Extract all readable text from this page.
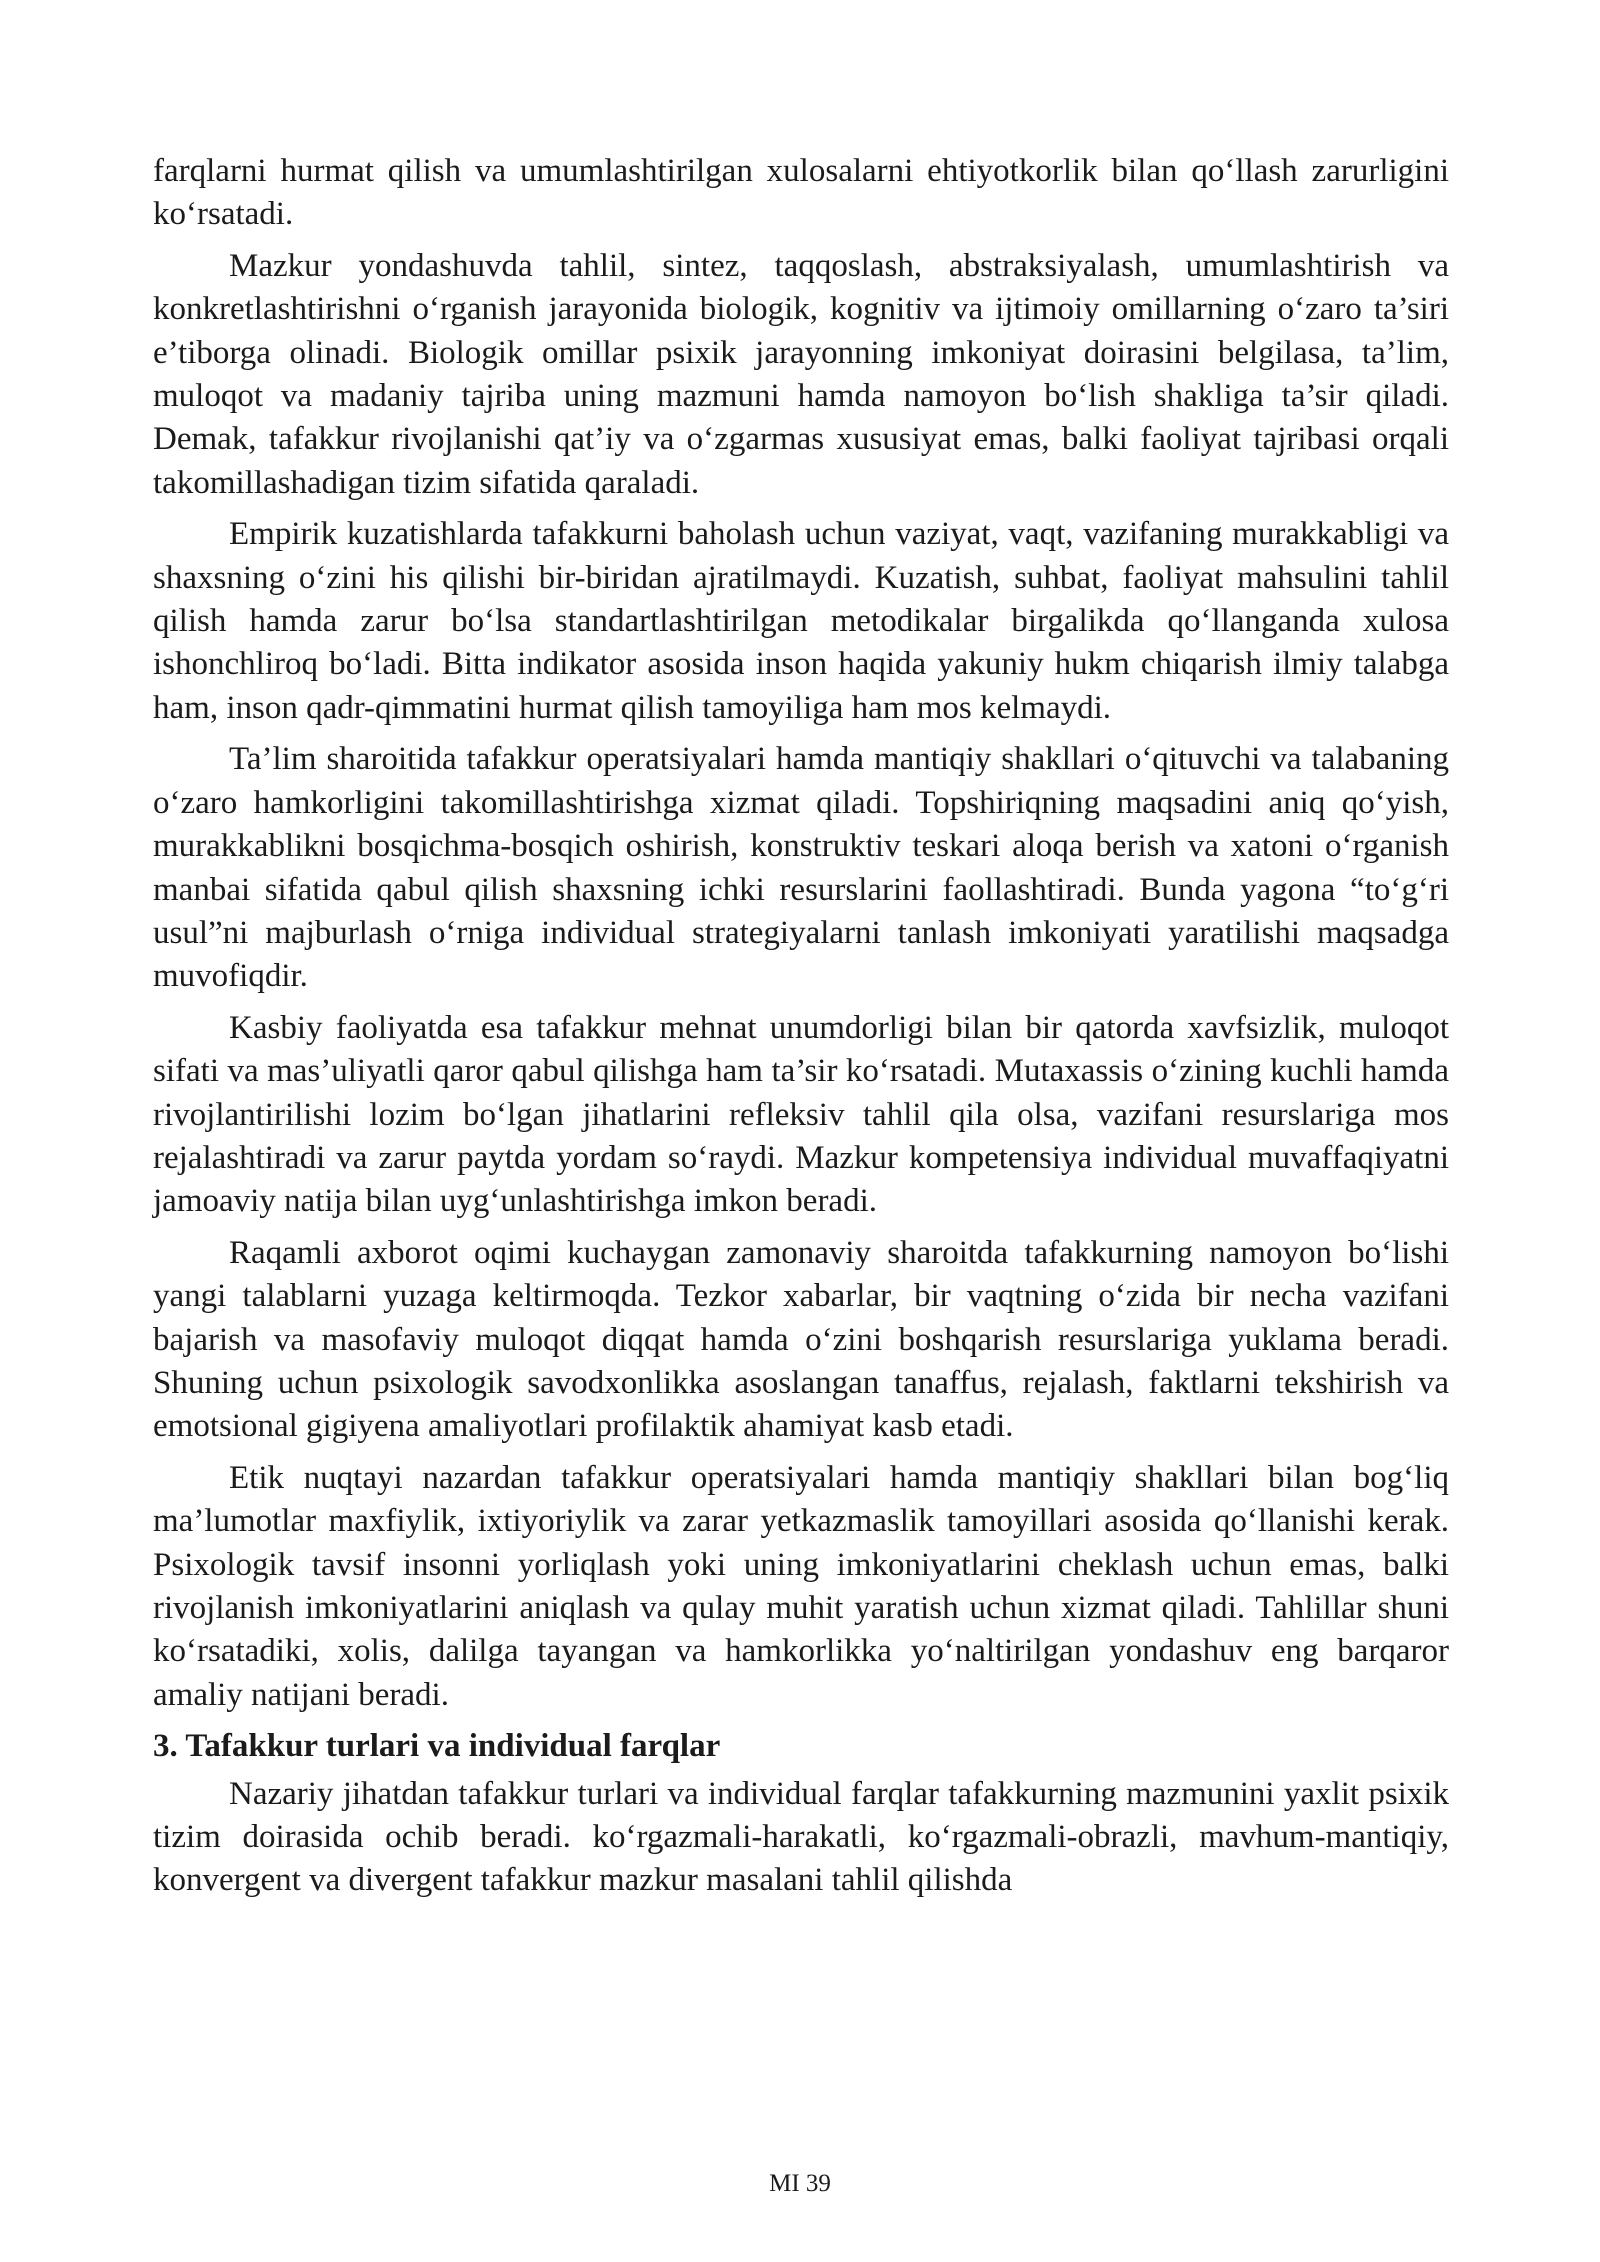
farqlarni hurmat qilish va umumlashtirilgan xulosalarni ehtiyotkorlik bilan qo‘llash zarurligini ko‘rsatadi.

Mazkur yondashuvda tahlil, sintez, taqqoslash, abstraksiyalash, umumlashtirish va konkretlashtirishni o‘rganish jarayonida biologik, kognitiv va ijtimoiy omillarning o‘zaro ta’siri e’tiborga olinadi. Biologik omillar psixik jarayonning imkoniyat doirasini belgilasa, ta’lim, muloqot va madaniy tajriba uning mazmuni hamda namoyon bo‘lish shakliga ta’sir qiladi. Demak, tafakkur rivojlanishi qat’iy va o‘zgarmas xususiyat emas, balki faoliyat tajribasi orqali takomillashadigan tizim sifatida qaraladi.

Empirik kuzatishlarda tafakkurni baholash uchun vaziyat, vaqt, vazifaning murakkabligi va shaxsning o‘zini his qilishi bir-biridan ajratilmaydi. Kuzatish, suhbat, faoliyat mahsulini tahlil qilish hamda zarur bo‘lsa standartlashtirilgan metodikalar birgalikda qo‘llanganda xulosa ishonchliroq bo‘ladi. Bitta indikator asosida inson haqida yakuniy hukm chiqarish ilmiy talabga ham, inson qadr-qimmatini hurmat qilish tamoyiliga ham mos kelmaydi.

Ta’lim sharoitida tafakkur operatsiyalari hamda mantiqiy shakllari o‘qituvchi va talabaning o‘zaro hamkorligini takomillashtirishga xizmat qiladi. Topshiriqning maqsadini aniq qo‘yish, murakkablikni bosqichma-bosqich oshirish, konstruktiv teskari aloqa berish va xatoni o‘rganish manbai sifatida qabul qilish shaxsning ichki resurslarini faollashtiradi. Bunda yagona “to‘g‘ri usul”ni majburlash o‘rniga individual strategiyalarni tanlash imkoniyati yaratilishi maqsadga muvofiqdir.

Kasbiy faoliyatda esa tafakkur mehnat unumdorligi bilan bir qatorda xavfsizlik, muloqot sifati va mas’uliyatli qaror qabul qilishga ham ta’sir ko‘rsatadi. Mutaxassis o‘zining kuchli hamda rivojlantirilishi lozim bo‘lgan jihatlarini refleksiv tahlil qila olsa, vazifani resurslariga mos rejalashtiradi va zarur paytda yordam so‘raydi. Mazkur kompetensiya individual muvaffaqiyatni jamoaviy natija bilan uyg‘unlashtirishga imkon beradi.

Raqamli axborot oqimi kuchaygan zamonaviy sharoitda tafakkurning namoyon bo‘lishi yangi talablarni yuzaga keltirmoqda. Tezkor xabarlar, bir vaqtning o‘zida bir necha vazifani bajarish va masofaviy muloqot diqqat hamda o‘zini boshqarish resurslariga yuklama beradi. Shuning uchun psixologik savodxonlikka asoslangan tanaffus, rejalash, faktlarni tekshirish va emotsional gigiyena amaliyotlari profilaktik ahamiyat kasb etadi.

Etik nuqtayi nazardan tafakkur operatsiyalari hamda mantiqiy shakllari bilan bog‘liq ma’lumotlar maxfiylik, ixtiyoriylik va zarar yetkazmaslik tamoyillari asosida qo‘llanishi kerak. Psixologik tavsif insonni yorliqlash yoki uning imkoniyatlarini cheklash uchun emas, balki rivojlanish imkoniyatlarini aniqlash va qulay muhit yaratish uchun xizmat qiladi. Tahlillar shuni ko‘rsatadiki, xolis, dalilga tayangan va hamkorlikka yo‘naltirilgan yondashuv eng barqaror amaliy natijani beradi.

3. Tafakkur turlari va individual farqlar

Nazariy jihatdan tafakkur turlari va individual farqlar tafakkurning mazmunini yaxlit psixik tizim doirasida ochib beradi. ko‘rgazmali-harakatli, ko‘rgazmali-obrazli, mavhum-mantiqiy, konvergent va divergent tafakkur mazkur masalani tahlil qilishda

MI 39
